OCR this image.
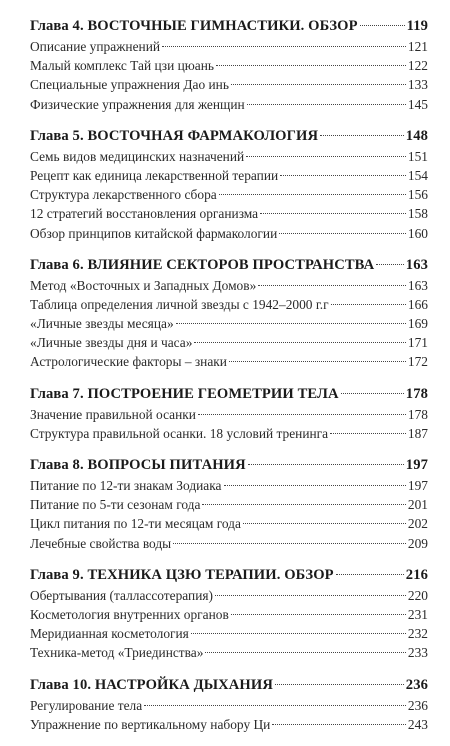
Глава 4. ВОСТОЧНЫЕ ГИМНАСТИКИ. ОБЗОР	119
Описание упражнений	121
Малый комплекс Тай цзи цюань	122
Специальные упражнения Дао инь	133
Физические упражнения для женщин	145
Глава 5. ВОСТОЧНАЯ ФАРМАКОЛОГИЯ	148
Семь видов медицинских назначений	151
Рецепт как единица лекарственной терапии	154
Структура лекарственного сбора	156
12 стратегий восстановления организма	158
Обзор принципов китайской фармакологии	160
Глава 6. ВЛИЯНИЕ СЕКТОРОВ ПРОСТРАНСТВА 163
Метод «Восточных и Западных Домов»	163
Таблица определения личной звезды с 1942–2000 г.г	166
«Личные звезды месяца»	169
«Личные звезды дня и часа»	171
Астрологические факторы – знаки	172
Глава 7. ПОСТРОЕНИЕ ГЕОМЕТРИИ ТЕЛА	178
Значение правильной осанки	178
Структура правильной осанки. 18 условий тренинга	187
Глава 8. ВОПРОСЫ ПИТАНИЯ	197
Питание по 12-ти знакам Зодиака	197
Питание по 5-ти сезонам года	201
Цикл питания по 12-ти месяцам года	202
Лечебные свойства воды	209
Глава 9. ТЕХНИКА ЦЗЮ ТЕРАПИИ. ОБЗОР	216
Обертывания (таллассотерапия)	220
Косметология внутренних органов	231
Меридианная косметология	232
Техника-метод «Триединства»	233
Глава 10. НАСТРОЙКА ДЫХАНИЯ	236
Регулирование тела	236
Упражнение по вертикальному набору Ци	243
